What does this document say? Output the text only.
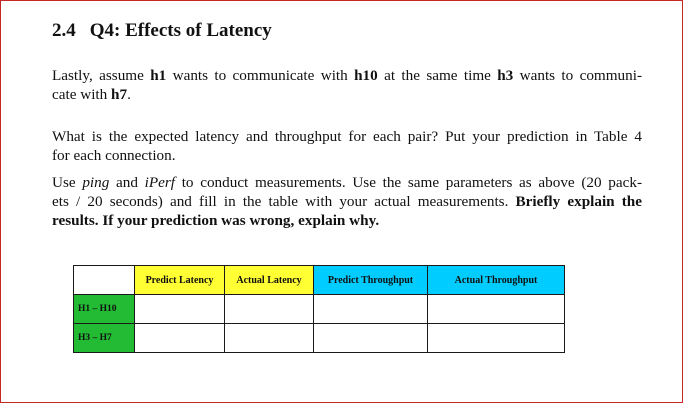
2.4 Q4: Effects of Latency
Lastly, assume h1 wants to communicate with h10 at the same time h3 wants to communi-
cate with h7.
What is the expected latency and throughput for each pair? Put your prediction in Table 4
for each connection.
Use ping and iPerf to conduct measurements. Use the same parameters as above (20 pack-
ets / 20 seconds) and fill in the table with your actual measurements. Briefly explain the
results. If your prediction was wrong, explain why.
	Predict Latency	Actual Latency	Predict Throughput	Actual Throughput
H1 – H10				
H3 – H7				
